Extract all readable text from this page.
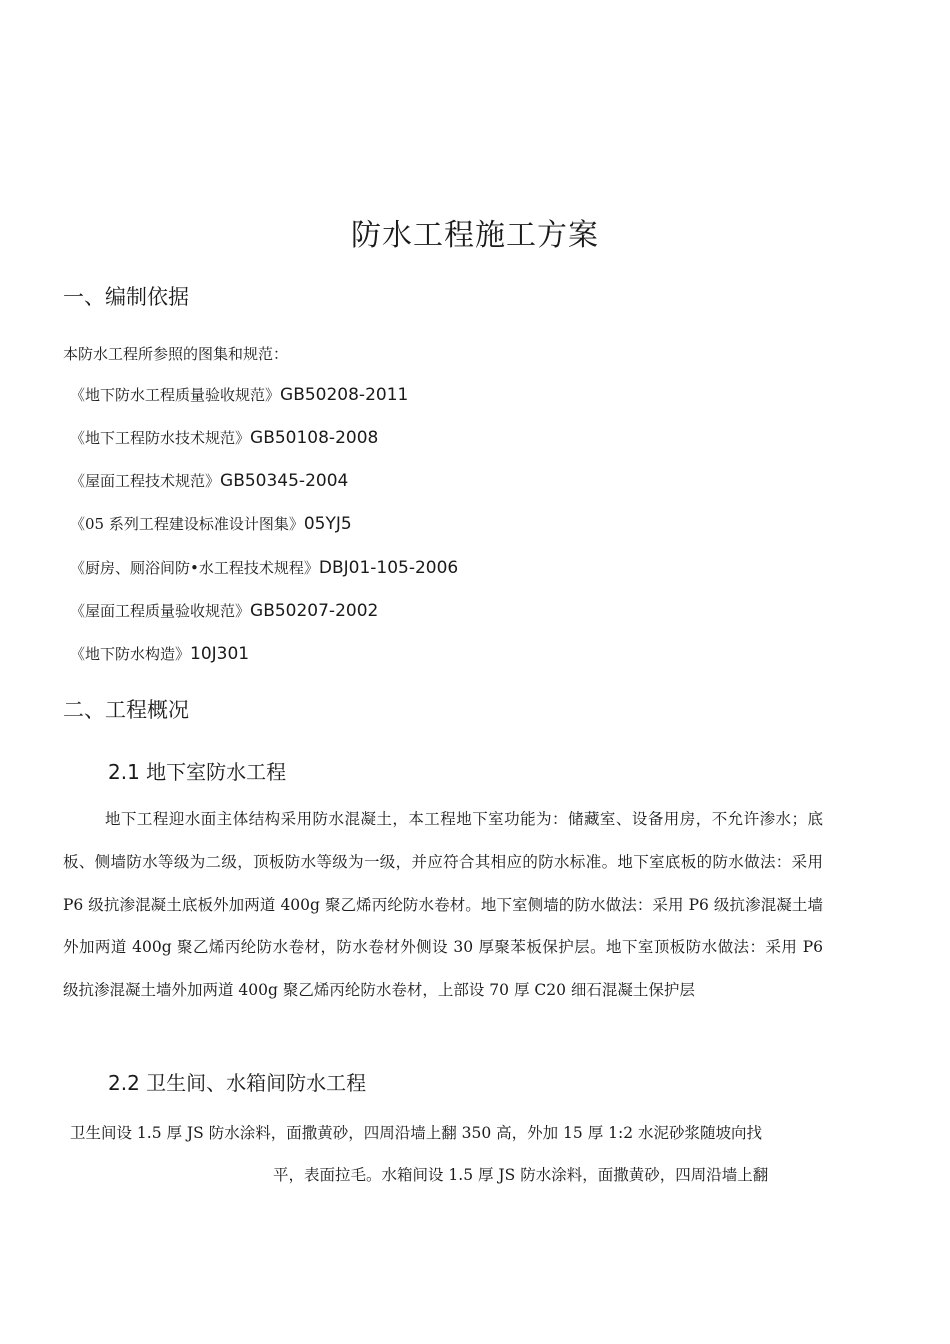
防水工程施工方案
一、编制依据
本防水工程所参照的图集和规范：
《地下防水工程质量验收规范》GB50208-2011
《地下工程防水技术规范》GB50108-2008
《屋面工程技术规范》GB50345-2004
《05 系列工程建设标准设计图集》05YJ5
《厨房、厕浴间防•水工程技术规程》DBJ01-105-2006
《屋面工程质量验收规范》GB50207-2002
《地下防水构造》10J301
二、工程概况
2.1 地下室防水工程
地下工程迎水面主体结构采用防水混凝土，本工程地下室功能为：储藏室、设备用房，不允许渗水；底板、侧墙防水等级为二级，顶板防水等级为一级，并应符合其相应的防水标准。地下室底板的防水做法：采用 P6 级抗渗混凝土底板外加两道 400g 聚乙烯丙纶防水卷材。地下室侧墙的防水做法：采用 P6 级抗渗混凝土墙外加两道 400g 聚乙烯丙纶防水卷材，防水卷材外侧设 30 厚聚苯板保护层。地下室顶板防水做法：采用 P6 级抗渗混凝土墙外加两道 400g 聚乙烯丙纶防水卷材，上部设 70 厚 C20 细石混凝土保护层
2.2 卫生间、水箱间防水工程
卫生间设 1.5 厚 JS 防水涂料，面撒黄砂，四周沿墙上翻 350 高，外加 15 厚 1:2 水泥砂浆随坡向找
平，表面拉毛。水箱间设 1.5 厚 JS 防水涂料，面撒黄砂，四周沿墙上翻
